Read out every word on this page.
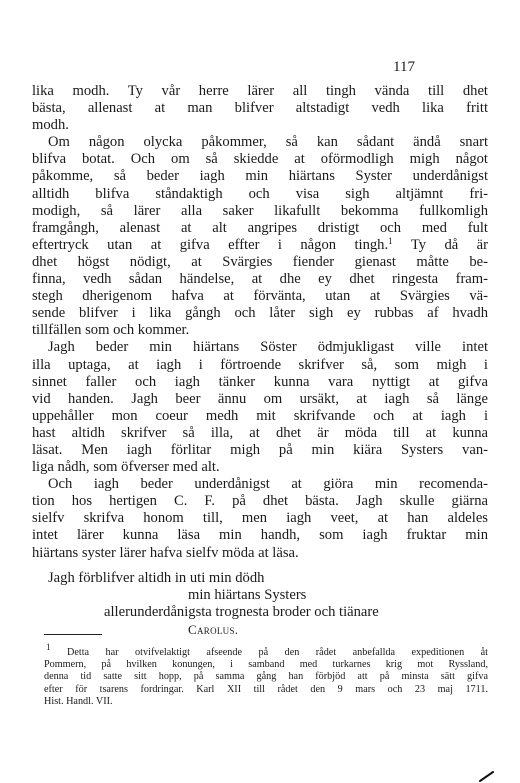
117
lika modh. Ty vår herre lärer all tingh vända till dhet
bästa, allenast at man blifver altstadigt vedh lika fritt
modh.
Om någon olycka påkommer, så kan sådant ändå snart
blifva botat. Och om så skiedde at oförmodligh migh något
påkomme, så beder iagh min hiärtans Syster underdånigst
alltidh blifva ståndaktigh och visa sigh altjämnt fri-
modigh, så lärer alla saker likafullt bekomma fullkomligh
framgångh, alenast at alt angripes dristigt och med fult
eftertryck utan at gifva effter i någon tingh.$^1$ Ty då är
dhet högst nödigt, at Svärgies fiender gienast måtte be-
finna, vedh sådan händelse, at dhe ey dhet ringesta fram-
stegh dherigenom hafva at förvänta, utan at Svärgies vä-
sende blifver i lika gångh och låter sigh ey rubbas af hvadh
tillfällen som och kommer.
Jagh beder min hiärtans Söster ödmjukligast ville intet
illa uptaga, at iagh i förtroende skrifver så, som migh i
sinnet faller och iagh tänker kunna vara nyttigt at gifva
vid handen. Jagh beer ännu om ursäkt, at iagh så länge
uppehåller mon coeur medh mit skrifvande och at iagh i
hast altidh skrifver så illa, at dhet är möda till at kunna
läsat. Men iagh förlitar migh på min kiära Systers van-
liga nådh, som öfverser med alt.
Och iagh beder underdånigst at giöra min recomenda-
tion hos hertigen C. F. på dhet bästa. Jagh skulle giärna
sielfv skrifva honom till, men iagh veet, at han aldeles
intet lärer kunna läsa min handh, som iagh fruktar min
hiärtans syster lärer hafva sielfv möda at läsa.
Jagh förblifver altidh in uti min dödh
min hiärtans Systers
allerunderdånigsta trognesta broder och tiänare
Carolus.
$^1$ Detta har otvifvelaktigt afseende på den rådet anbefallda expeditionen åt
Pommern, på hvilken konungen, i samband med turkarnes krig mot Ryssland,
denna tid satte sitt hopp, på samma gång han förbjöd att på minsta sätt gifva
efter för tsarens fordringar. Karl XII till rådet den 9 mars och 23 maj 1711.
Hist. Handl. VII.
